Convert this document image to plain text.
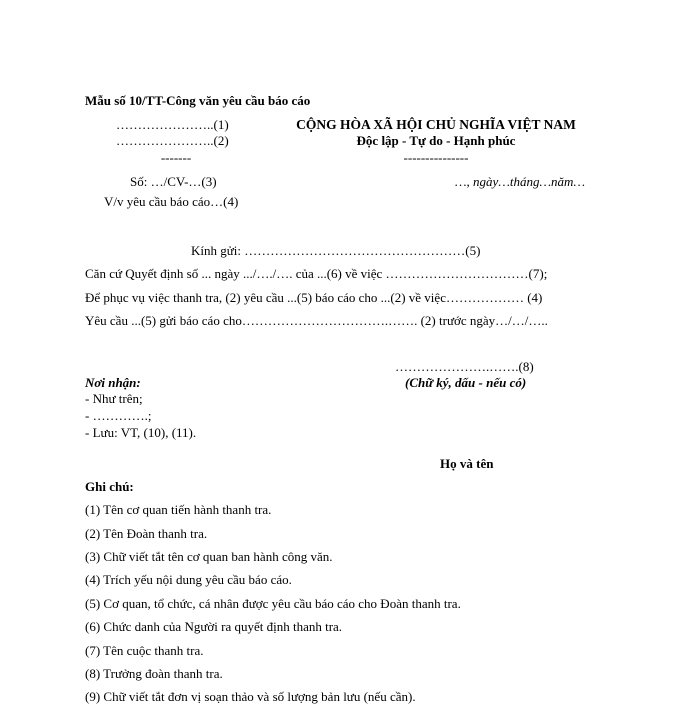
Mẫu số 10/TT-Công văn yêu cầu báo cáo
…………………..(1)
…………………..(2)
-------
Số: …/CV-…(3)
V/v yêu cầu báo cáo…(4)
CỘNG HÒA XÃ HỘI CHỦ NGHĨA VIỆT NAM
Độc lập - Tự do - Hạnh phúc
---------------
…, ngày…tháng…năm…
Kính gửi: ……………………………………………(5)
Căn cứ Quyết định số ... ngày .../…./…. của ...(6) về việc ……………………………(7);
Để phục vụ việc thanh tra, (2) yêu cầu ...(5) báo cáo cho ...(2) về việc……………… (4)
Yêu cầu ...(5) gửi báo cáo cho…………………………….……. (2) trước ngày…/…/…..
………………….…….(8)
(Chữ ký, dấu - nếu có)
Họ và tên
Nơi nhận:
- Như trên;
- ………….;
- Lưu: VT, (10), (11).
Ghi chú:
(1) Tên cơ quan tiến hành thanh tra.
(2) Tên Đoàn thanh tra.
(3) Chữ viết tắt tên cơ quan ban hành công văn.
(4) Trích yếu nội dung yêu cầu báo cáo.
(5) Cơ quan, tổ chức, cá nhân được yêu cầu báo cáo cho Đoàn thanh tra.
(6) Chức danh của Người ra quyết định thanh tra.
(7) Tên cuộc thanh tra.
(8) Trưởng đoàn thanh tra.
(9) Chữ viết tắt đơn vị soạn thảo và số lượng bản lưu (nếu cần).
